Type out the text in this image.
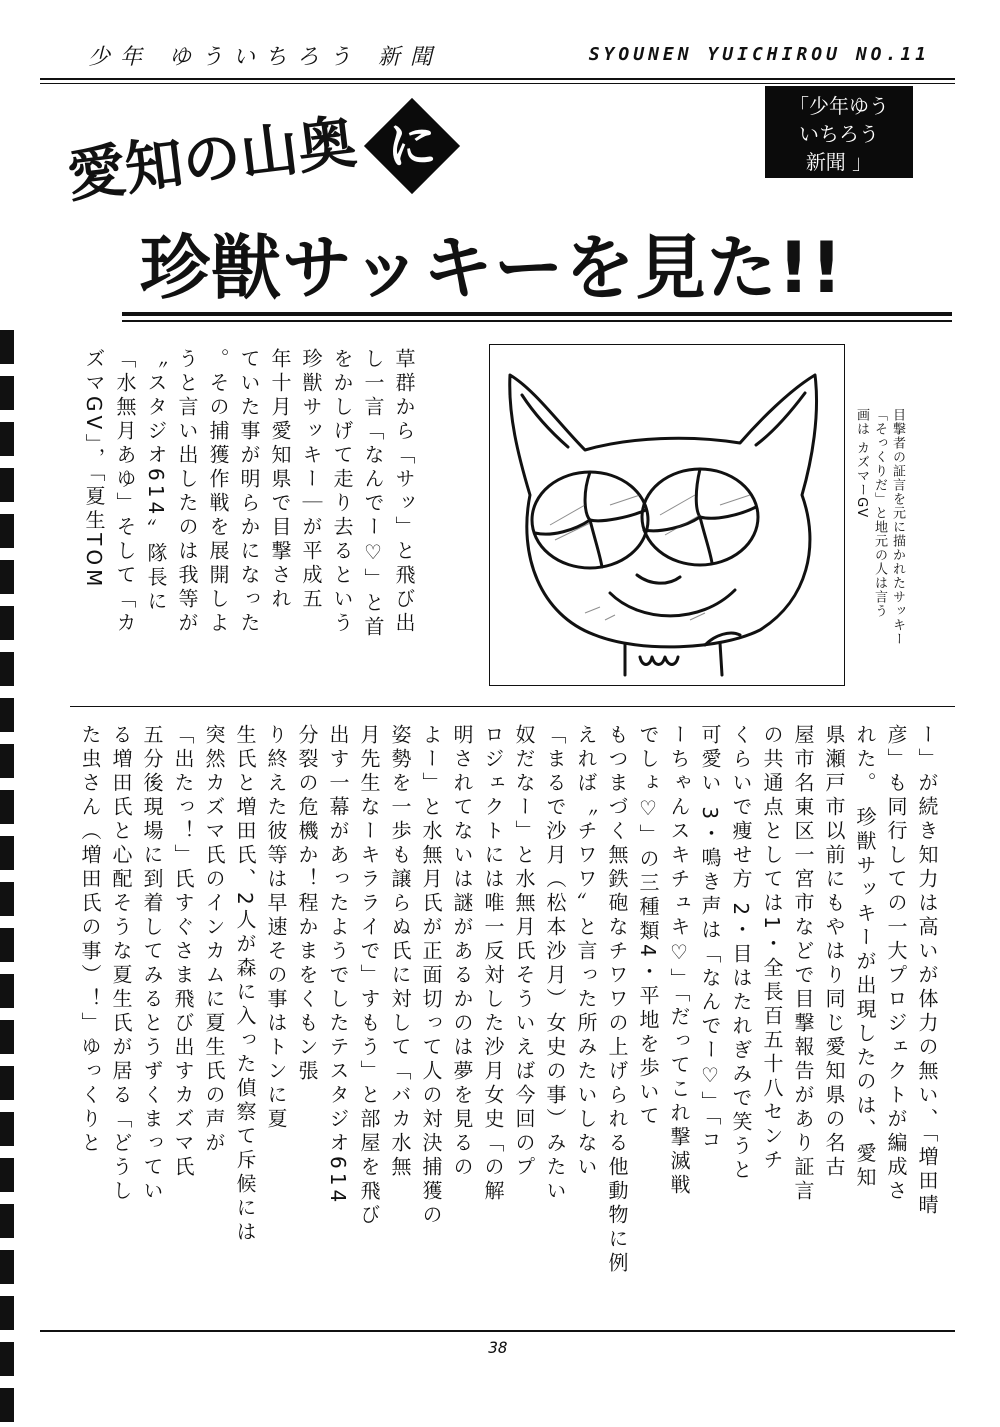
少年 ゆういちろう 新聞	SYOUNEN YUICHIROU NO.11
「少年ゆう
いちろう
新聞 」
愛知の山奥 に
珍獣サッキーを見た!!
草群から「サッ」と飛び出
し一言「なんでー♡」と首
をかしげて走り去るという
珍獣サッキー｜が平成五
年十月愛知県で目撃され
ていた事が明らかになった
。その捕獲作戦を展開しよ
うと言い出したのは我等が
〝スタジオ614〟隊長に
「水無月あゆ」そして「カ
ズマGV」，「夏生TOM	目撃者の証言を元に描かれたサッキー
「そっくりだ」と地元の人は言う
画は カズマーGV
ー」が続き知力は高いが体力の無い、「増田晴
彦」も同行しての一大プロジェクトが編成さ
れた。 珍獣サッキーが出現したのは、愛知
県瀬戸市以前にもやはり同じ愛知県の名古
屋市名東区一宮市などで目撃報告があり証言
の共通点としては1・全長百五十八センチ
くらいで痩せ方 2・目はたれぎみで笑うと
可愛い 3・鳴き声は「なんでー♡」「コ
ーちゃんスキチュキ♡」「だってこれ撃滅戦
でしょ♡」の三種類4・平地を歩いて
もつまづく無鉄砲なチワワの上げられる他動物に例
えれば〝チワワ〟と言った所みたいしない
「まるで沙月（松本沙月）女史の事）みたい
奴だなー」と水無月氏そういえば今回のプ
ロジェクトには唯一反対した沙月女史「の解
明されてないは謎があるかのは夢を見るの
よー」と水無月氏が正面切って人の対決捕獲の
姿勢を一歩も譲らぬ氏に対して「バカ水無
月先生なーキラライで」すもう」と部屋を飛び
出す一幕があったようでしたテスタジオ614
分裂の危機か！程かまをくもン張
り終えた彼等は早速その事はトンに夏
生氏と増田氏、2人が森に入った偵察て斥候には
突然カズマ氏のインカムに夏生氏の声が
「出たっ！」氏すぐさま飛び出すカズマ氏
五分後現場に到着してみるとうずくまってい
る増田氏と心配そうな夏生氏が居る「どうし
た虫さん（増田氏の事）！」ゆっくりと
38
